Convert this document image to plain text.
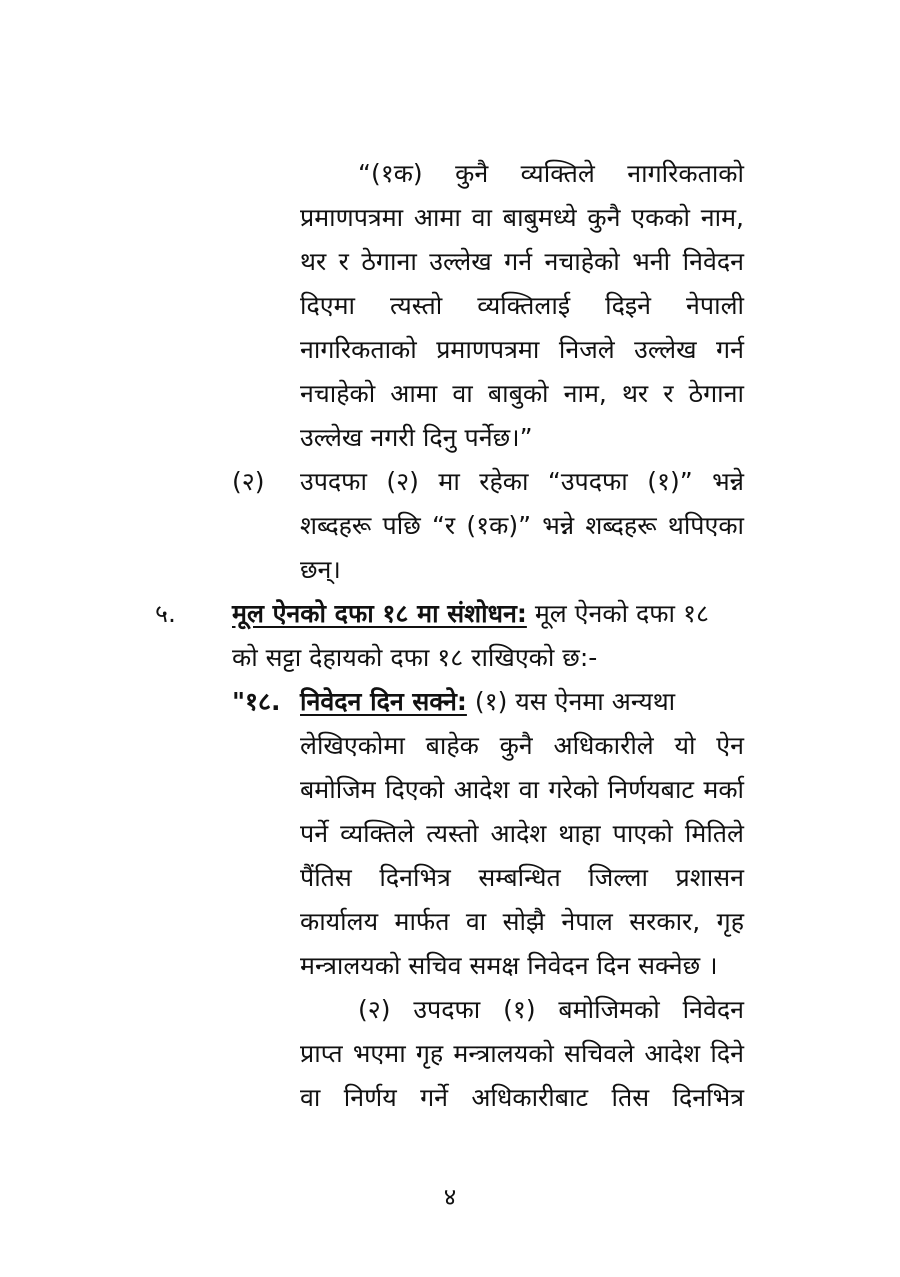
“(१क) कुनै व्यक्तिले नागरिकताको
प्रमाणपत्रमा आमा वा बाबुमध्ये कुनै एकको नाम,
थर र ठेगाना उल्लेख गर्न नचाहेको भनी निवेदन
दिएमा त्यस्तो व्यक्तिलाई दिइने नेपाली
नागरिकताको प्रमाणपत्रमा निजले उल्लेख गर्न
नचाहेको आमा वा बाबुको नाम, थर र ठेगाना
उल्लेख नगरी दिनु पर्नेछ।”
(२) उपदफा (२) मा रहेका “उपदफा (१)” भन्ने
शब्दहरू पछि “र (१क)” भन्ने शब्दहरू थपिएका
छन्।
५. मूल ऐनको दफा १८ मा संशोधन: मूल ऐनको दफा १८
को सट्टा देहायको दफा १८ राखिएको छ:-
"१८. निवेदन दिन सक्ने: (१) यस ऐनमा अन्यथा
लेखिएकोमा बाहेक कुनै अधिकारीले यो ऐन
बमोजिम दिएको आदेश वा गरेको निर्णयबाट मर्का
पर्ने व्यक्तिले त्यस्तो आदेश थाहा पाएको मितिले
पैंतिस दिनभित्र सम्बन्धित जिल्ला प्रशासन
कार्यालय मार्फत वा सोझै नेपाल सरकार, गृह
मन्त्रालयको सचिव समक्ष निवेदन दिन सक्नेछ ।
(२) उपदफा (१) बमोजिमको निवेदन
प्राप्त भएमा गृह मन्त्रालयको सचिवले आदेश दिने
वा निर्णय गर्ने अधिकारीबाट तिस दिनभित्र
४
